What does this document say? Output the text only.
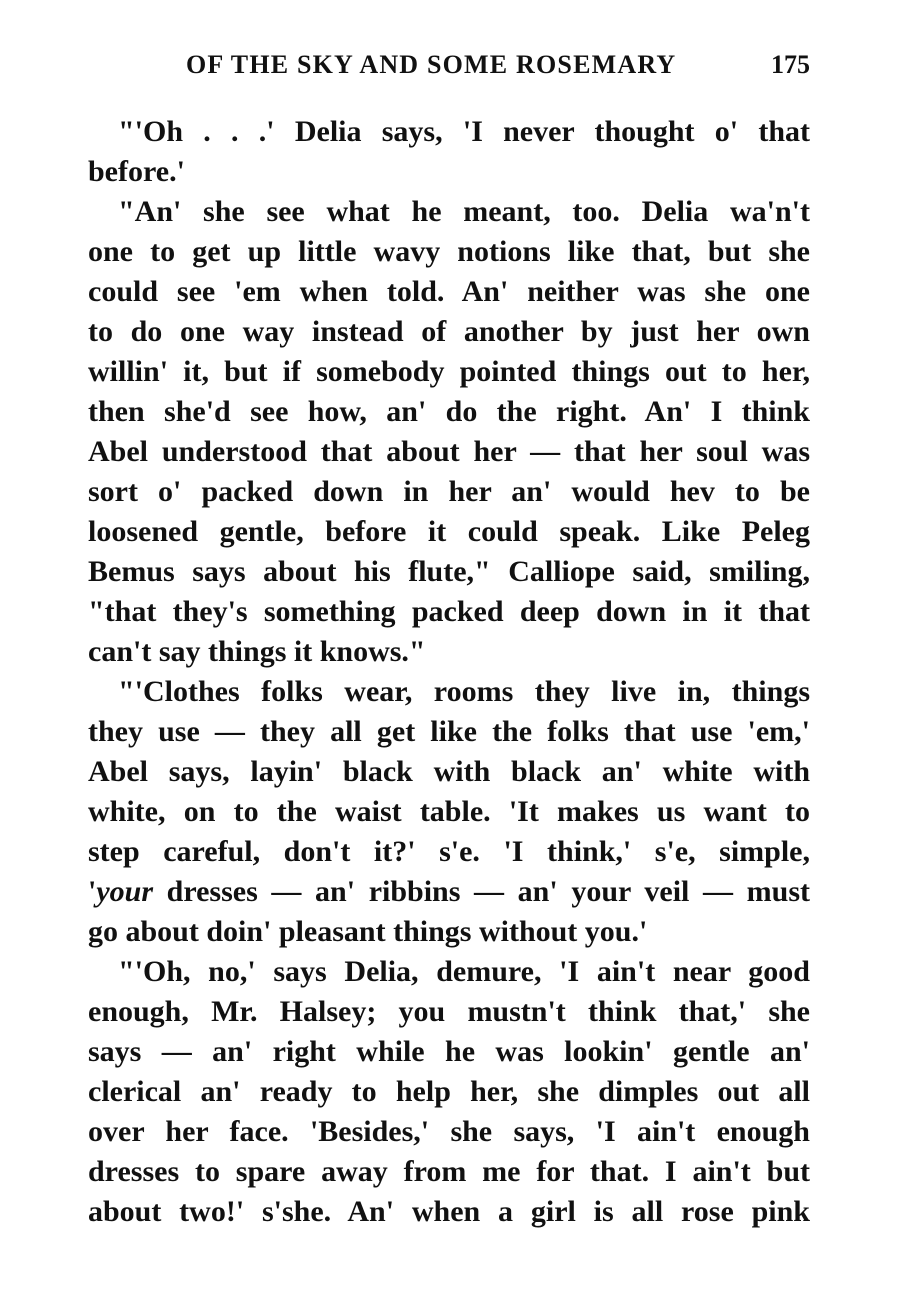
OF THE SKY AND SOME ROSEMARY	175
"'Oh . . .' Delia says, 'I never thought o' that
before.'
"An' she see what he meant, too. Delia wa'n't
one to get up little wavy notions like that, but she
could see 'em when told. An' neither was she one
to do one way instead of another by just her own
willin' it, but if somebody pointed things out to her,
then she'd see how, an' do the right. An' I think
Abel understood that about her — that her soul was
sort o' packed down in her an' would hev to be
loosened gentle, before it could speak. Like Peleg
Bemus says about his flute," Calliope said, smiling,
"that they's something packed deep down in it that
can't say things it knows."
"'Clothes folks wear, rooms they live in, things
they use — they all get like the folks that use 'em,'
Abel says, layin' black with black an' white with
white, on to the waist table. 'It makes us want to
step careful, don't it?' s'e. 'I think,' s'e, simple,
'your dresses — an' ribbins — an' your veil — must
go about doin' pleasant things without you.'
"'Oh, no,' says Delia, demure, 'I ain't near good
enough, Mr. Halsey; you mustn't think that,' she
says — an' right while he was lookin' gentle an'
clerical an' ready to help her, she dimples out all
over her face. 'Besides,' she says, 'I ain't enough
dresses to spare away from me for that. I ain't but
about two!' s'she. An' when a girl is all rose pink
